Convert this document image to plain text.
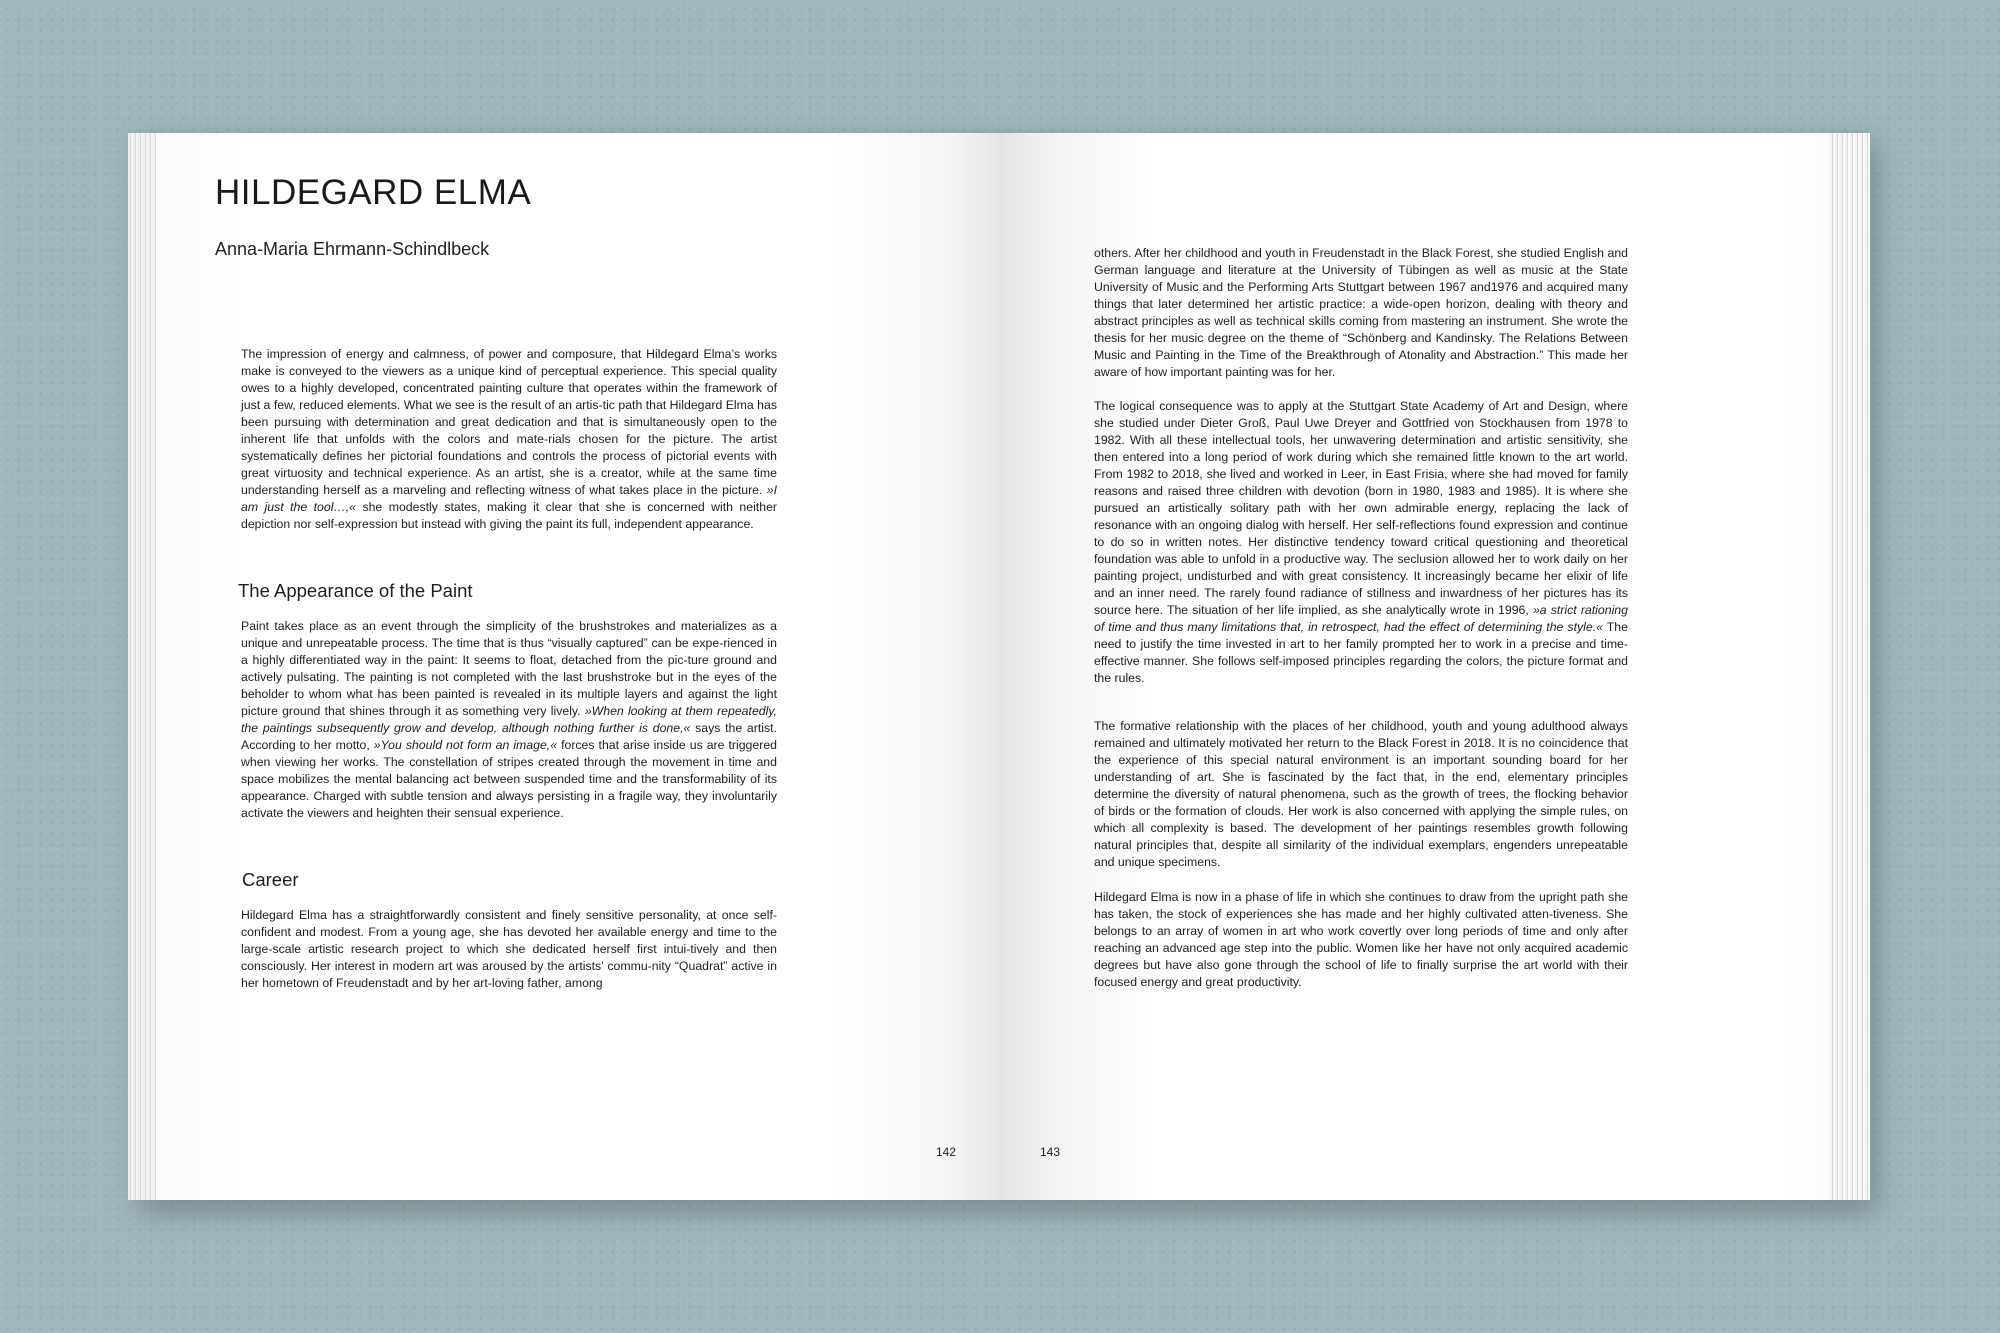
HILDEGARD ELMA
Anna-Maria Ehrmann-Schindlbeck

The impression of energy and calmness, of power and composure, that Hildegard Elma’s works make is conveyed to the viewers as a unique kind of perceptual experience. This special quality owes to a highly developed, concentrated painting culture that operates within the framework of just a few, reduced elements. What we see is the result of an artis-tic path that Hildegard Elma has been pursuing with determination and great dedication and that is simultaneously open to the inherent life that unfolds with the colors and mate-rials chosen for the picture. The artist systematically defines her pictorial foundations and controls the process of pictorial events with great virtuosity and technical experience. As an artist, she is a creator, while at the same time understanding herself as a marveling and reflecting witness of what takes place in the picture. »I am just the tool…,« she modestly states, making it clear that she is concerned with neither depiction nor self-expression but instead with giving the paint its full, independent appearance.

The Appearance of the Paint

Paint takes place as an event through the simplicity of the brushstrokes and materializes as a unique and unrepeatable process. The time that is thus “visually captured” can be expe-rienced in a highly differentiated way in the paint: It seems to float, detached from the pic-ture ground and actively pulsating. The painting is not completed with the last brushstroke but in the eyes of the beholder to whom what has been painted is revealed in its multiple layers and against the light picture ground that shines through it as something very lively. »When looking at them repeatedly, the paintings subsequently grow and develop, although nothing further is done,« says the artist. According to her motto, »You should not form an image,« forces that arise inside us are triggered when viewing her works. The constellation of stripes created through the movement in time and space mobilizes the mental balancing act between suspended time and the transformability of its appearance. Charged with subtle tension and always persisting in a fragile way, they involuntarily activate the viewers and heighten their sensual experience.

Career

Hildegard Elma has a straightforwardly consistent and finely sensitive personality, at once self-confident and modest. From a young age, she has devoted her available energy and time to the large-scale artistic research project to which she dedicated herself first intui-tively and then consciously. Her interest in modern art was aroused by the artists’ commu-nity “Quadrat” active in her hometown of Freudenstadt and by her art-loving father, among

142

others. After her childhood and youth in Freudenstadt in the Black Forest, she studied English and German language and literature at the University of Tübingen as well as music at the State University of Music and the Performing Arts Stuttgart between 1967 and1976 and acquired many things that later determined her artistic practice: a wide-open horizon, dealing with theory and abstract principles as well as technical skills coming from mastering an instrument. She wrote the thesis for her music degree on the theme of “Schönberg and Kandinsky. The Relations Between Music and Painting in the Time of the Breakthrough of Atonality and Abstraction.” This made her aware of how important painting was for her.

The logical consequence was to apply at the Stuttgart State Academy of Art and Design, where she studied under Dieter Groß, Paul Uwe Dreyer and Gottfried von Stockhausen from 1978 to 1982. With all these intellectual tools, her unwavering determination and artistic sensitivity, she then entered into a long period of work during which she remained little known to the art world. From 1982 to 2018, she lived and worked in Leer, in East Frisia, where she had moved for family reasons and raised three children with devotion (born in 1980, 1983 and 1985). It is where she pursued an artistically solitary path with her own admirable energy, replacing the lack of resonance with an ongoing dialog with herself. Her self-reflections found expression and continue to do so in written notes. Her distinctive tendency toward critical questioning and theoretical foundation was able to unfold in a productive way. The seclusion allowed her to work daily on her painting project, undisturbed and with great consistency. It increasingly became her elixir of life and an inner need. The rarely found radiance of stillness and inwardness of her pictures has its source here. The situation of her life implied, as she analytically wrote in 1996, »a strict rationing of time and thus many limitations that, in retrospect, had the effect of determining the style.« The need to justify the time invested in art to her family prompted her to work in a precise and time-effective manner. She follows self-imposed principles regarding the colors, the picture format and the rules.

The formative relationship with the places of her childhood, youth and young adulthood always remained and ultimately motivated her return to the Black Forest in 2018. It is no coincidence that the experience of this special natural environment is an important sounding board for her understanding of art. She is fascinated by the fact that, in the end, elementary principles determine the diversity of natural phenomena, such as the growth of trees, the flocking behavior of birds or the formation of clouds. Her work is also concerned with applying the simple rules, on which all complexity is based. The development of her paintings resembles growth following natural principles that, despite all similarity of the individual exemplars, engenders unrepeatable and unique specimens.

Hildegard Elma is now in a phase of life in which she continues to draw from the upright path she has taken, the stock of experiences she has made and her highly cultivated atten-tiveness. She belongs to an array of women in art who work covertly over long periods of time and only after reaching an advanced age step into the public. Women like her have not only acquired academic degrees but have also gone through the school of life to finally surprise the art world with their focused energy and great productivity.

143
